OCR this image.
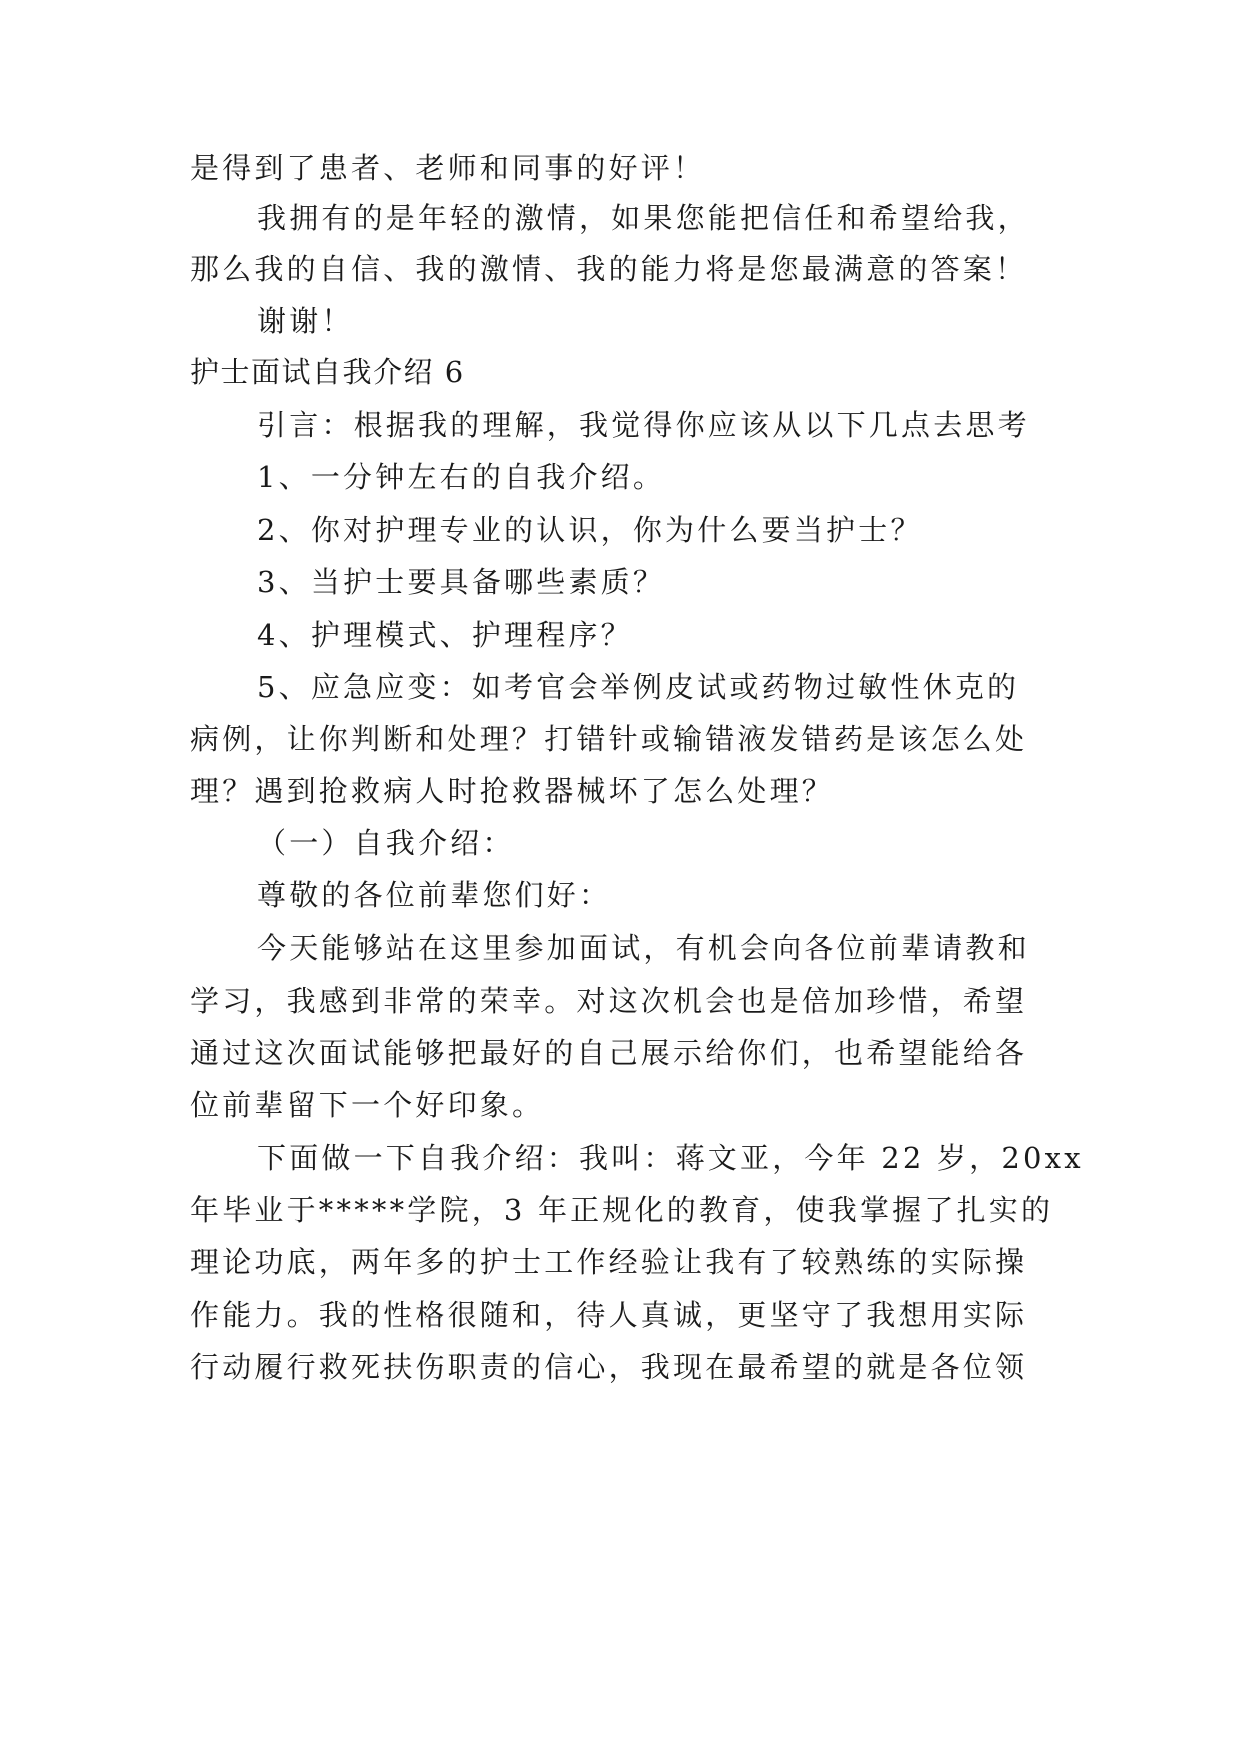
是得到了患者、老师和同事的好评！
我拥有的是年轻的激情，如果您能把信任和希望给我，
那么我的自信、我的激情、我的能力将是您最满意的答案！
谢谢！
护士面试自我介绍 6
引言：根据我的理解，我觉得你应该从以下几点去思考
1、一分钟左右的自我介绍。
2、你对护理专业的认识，你为什么要当护士？
3、当护士要具备哪些素质？
4、护理模式、护理程序？
5、应急应变：如考官会举例皮试或药物过敏性休克的
病例，让你判断和处理？打错针或输错液发错药是该怎么处
理？遇到抢救病人时抢救器械坏了怎么处理？
（一）自我介绍：
尊敬的各位前辈您们好：
今天能够站在这里参加面试，有机会向各位前辈请教和
学习，我感到非常的荣幸。对这次机会也是倍加珍惜，希望
通过这次面试能够把最好的自己展示给你们，也希望能给各
位前辈留下一个好印象。
下面做一下自我介绍：我叫：蒋文亚，今年 22 岁，20xx
年毕业于*****学院，3 年正规化的教育，使我掌握了扎实的
理论功底，两年多的护士工作经验让我有了较熟练的实际操
作能力。我的性格很随和，待人真诚，更坚守了我想用实际
行动履行救死扶伤职责的信心，我现在最希望的就是各位领
